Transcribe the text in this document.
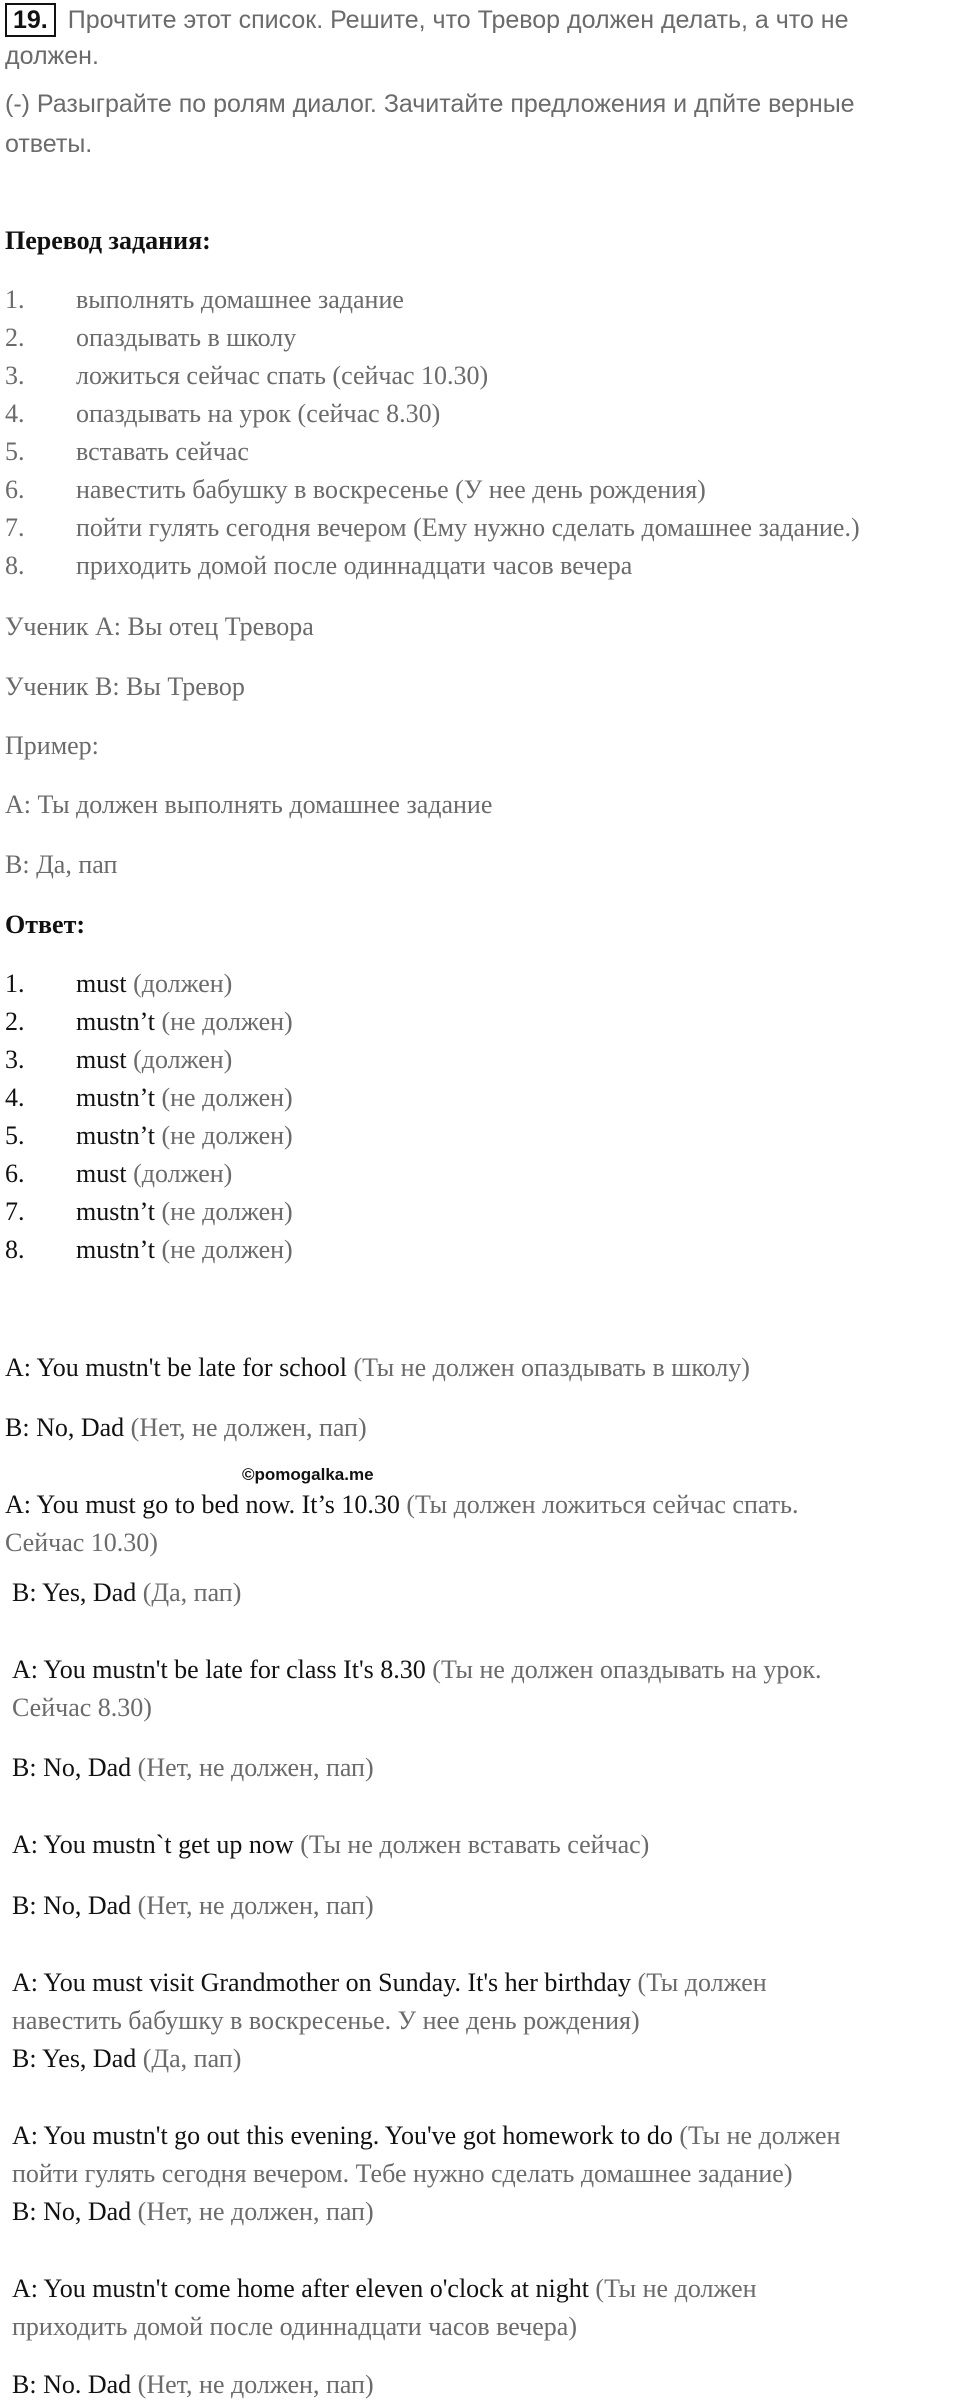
19. Прочтите этот список. Решите, что Тревор должен делать, а что не
должен.
(-) Разыграйте по ролям диалог. Зачитайте предложения и дпйте верные
ответы.
Перевод задания:
1. выполнять домашнее задание
2. опаздывать в школу
3. ложиться сейчас спать (сейчас 10.30)
4. опаздывать на урок (сейчас 8.30)
5. вставать сейчас
6. навестить бабушку в воскресенье (У нее день рождения)
7. пойти гулять сегодня вечером (Ему нужно сделать домашнее задание.)
8. приходить домой после одиннадцати часов вечера
Ученик А: Вы отец Тревора
Ученик В: Вы Тревор
Пример:
А: Ты должен выполнять домашнее задание
В: Да, пап
Ответ:
1. must (должен)
2. mustn’t (не должен)
3. must (должен)
4. mustn’t (не должен)
5. mustn’t (не должен)
6. must (должен)
7. mustn’t (не должен)
8. mustn’t (не должен)
A: You mustn't be late for school (Ты не должен опаздывать в школу)
B: No, Dad (Нет, не должен, пап)
©pomogalka.me
A: You must go to bed now. It’s 10.30 (Ты должен ложиться сейчас спать.
Сейчас 10.30)
B: Yes, Dad (Да, пап)
A: You mustn't be late for class It's 8.30 (Ты не должен опаздывать на урок.
Сейчас 8.30)
B: No, Dad (Нет, не должен, пап)
A: You mustn`t get up now (Ты не должен вставать сейчас)
B: No, Dad (Нет, не должен, пап)
A: You must visit Grandmother on Sunday. It's her birthday (Ты должен
навестить бабушку в воскресенье. У нее день рождения)
B: Yes, Dad (Да, пап)
A: You mustn't go out this evening. You've got homework to do (Ты не должен
пойти гулять сегодня вечером. Тебе нужно сделать домашнее задание)
B: No, Dad (Нет, не должен, пап)
A: You mustn't come home after eleven o'clock at night (Ты не должен
приходить домой после одиннадцати часов вечера)
B: No. Dad (Нет, не должен, пап)
